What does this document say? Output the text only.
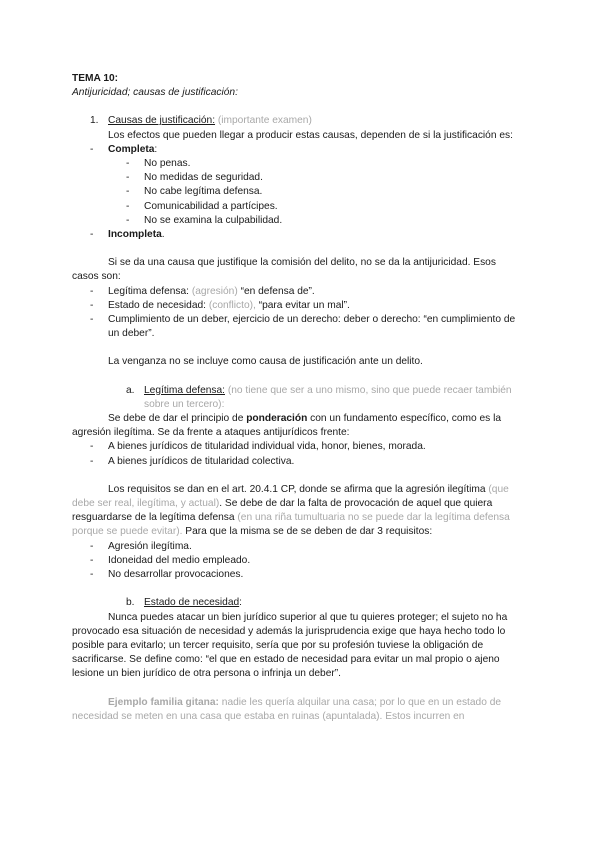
TEMA 10:
Antijuricidad; causas de justificación:
1. Causas de justificación: (importante examen)

Los efectos que pueden llegar a producir estas causas, dependen de si la justificación es:

- Completa:
- No penas.
- No medidas de seguridad.
- No cabe legítima defensa.
- Comunicabilidad a partícipes.
- No se examina la culpabilidad.
- Incompleta.

Si se da una causa que justifique la comisión del delito, no se da la antijuricidad. Esos casos son:

- Legítima defensa: (agresión) “en defensa de”.
- Estado de necesidad: (conflicto), “para evitar un mal”.
- Cumplimiento de un deber, ejercicio de un derecho: deber o derecho: “en cumplimiento de un deber”.

La venganza no se incluye como causa de justificación ante un delito.

a. Legítima defensa: (no tiene que ser a uno mismo, sino que puede recaer también sobre un tercero):

Se debe de dar el principio de ponderación con un fundamento específico, como es la agresión ilegítima. Se da frente a ataques antijurídicos frente:

- A bienes jurídicos de titularidad individual vida, honor, bienes, morada.
- A bienes jurídicos de titularidad colectiva.

Los requisitos se dan en el art. 20.4.1 CP, donde se afirma que la agresión ilegítima (que debe ser real, ilegítima, y actual). Se debe de dar la falta de provocación de aquel que quiera resguardarse de la legítima defensa (en una riña tumultuaria no se puede dar la legítima defensa porque se puede evitar). Para que la misma se de se deben de dar 3 requisitos:

- Agresión ilegítima.
- Idoneidad del medio empleado.
- No desarrollar provocaciones.
b. Estado de necesidad:

Nunca puedes atacar un bien jurídico superior al que tu quieres proteger; el sujeto no ha provocado esa situación de necesidad y además la jurisprudencia exige que haya hecho todo lo posible para evitarlo; un tercer requisito, sería que por su profesión tuviese la obligación de sacrificarse. Se define como: “el que en estado de necesidad para evitar un mal propio o ajeno lesione un bien jurídico de otra persona o infrinja un deber”.

Ejemplo familia gitana: nadie les quería alquilar una casa; por lo que en un estado de necesidad se meten en una casa que estaba en ruinas (apuntalada). Estos incurren en
